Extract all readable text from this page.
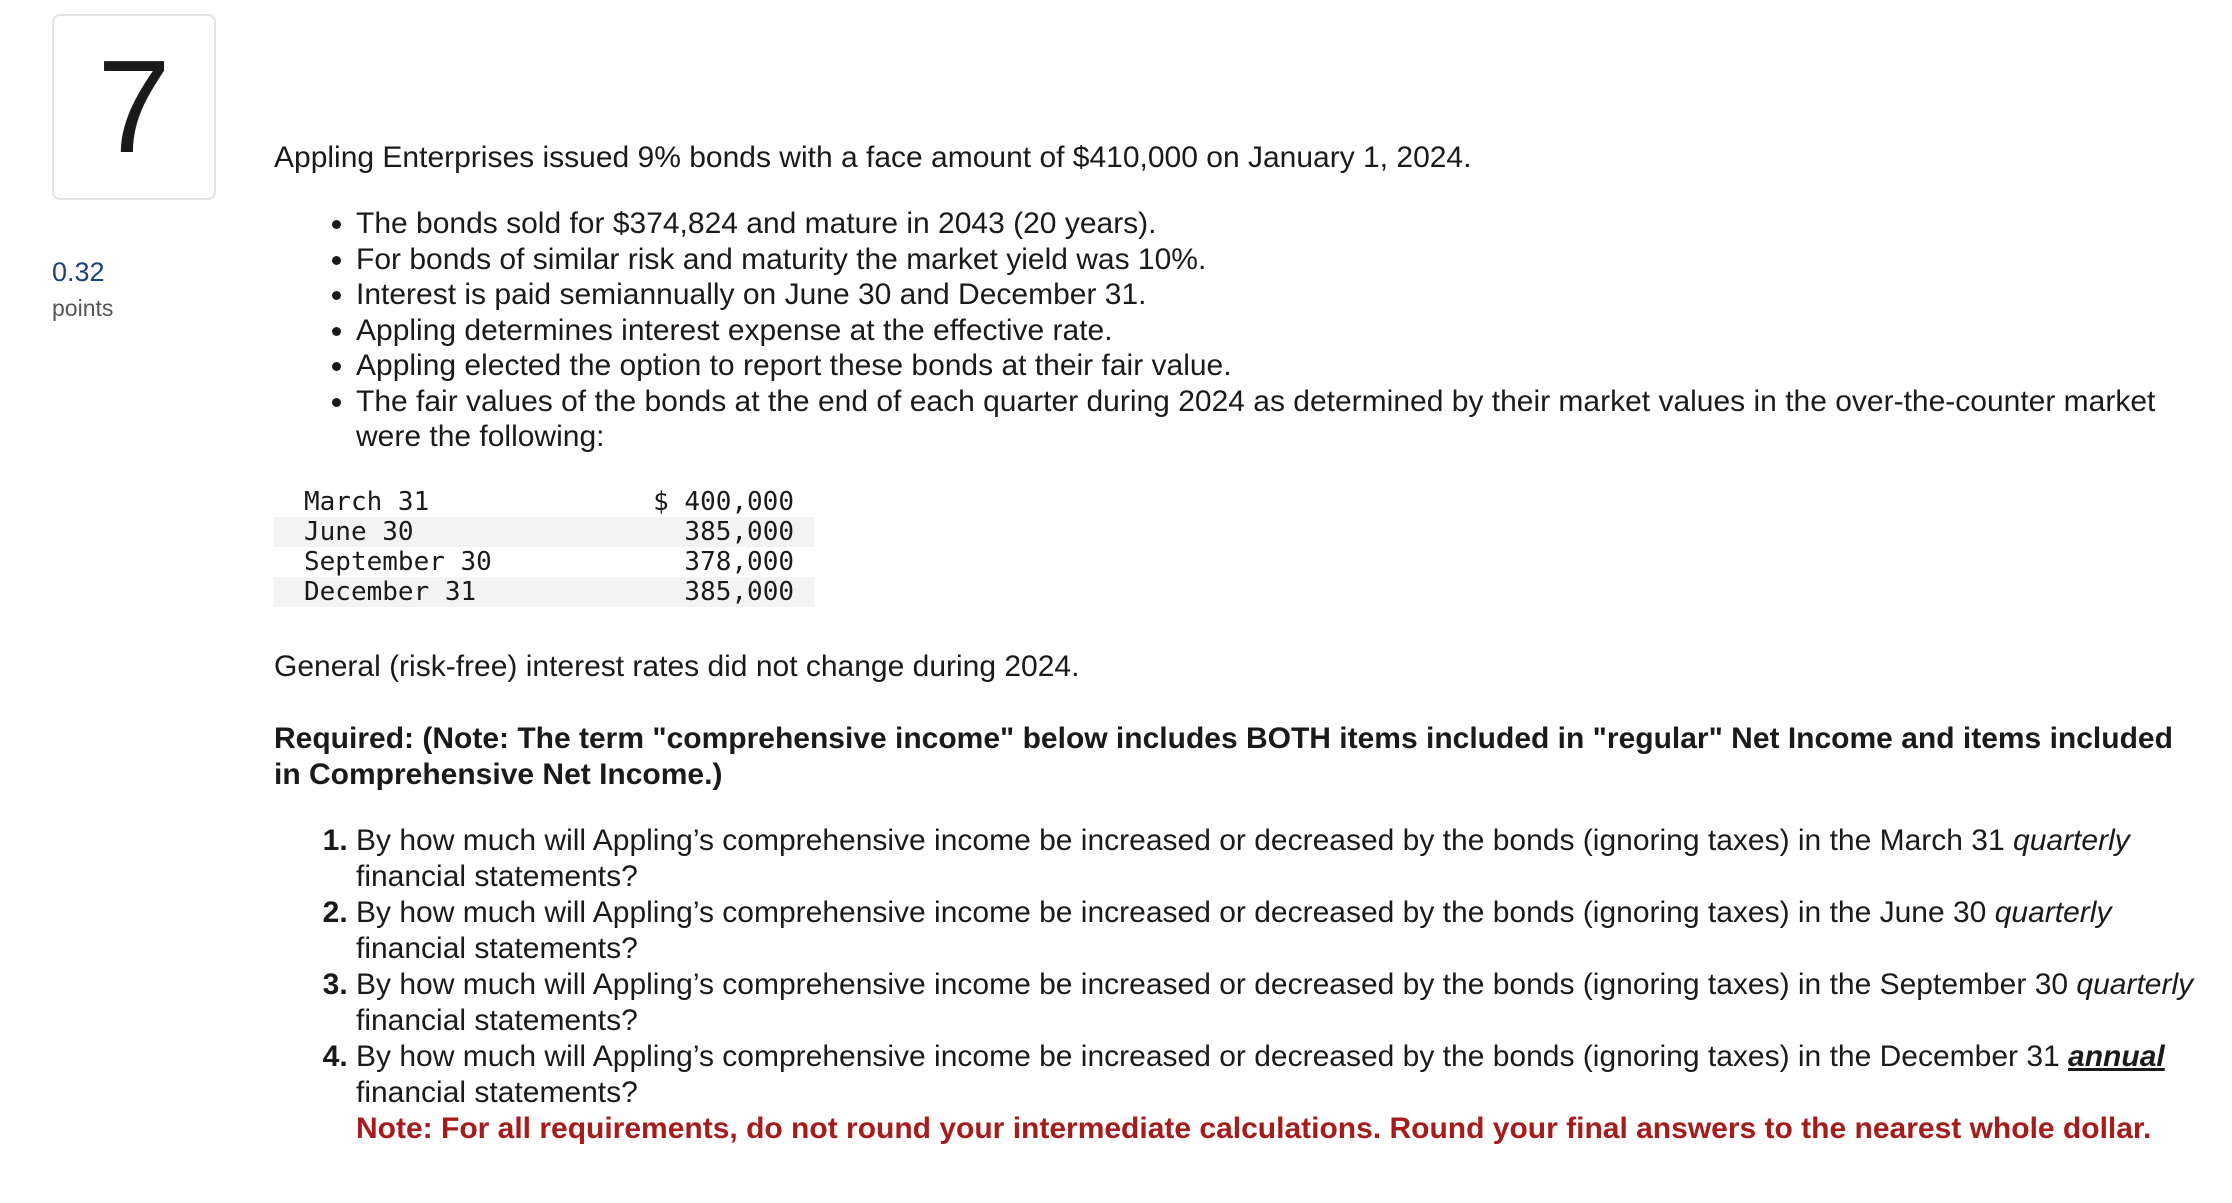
7
0.32
points

Appling Enterprises issued 9% bonds with a face amount of $410,000 on January 1, 2024.

• The bonds sold for $374,824 and mature in 2043 (20 years).
• For bonds of similar risk and maturity the market yield was 10%.
• Interest is paid semiannually on June 30 and December 31.
• Appling determines interest expense at the effective rate.
• Appling elected the option to report these bonds at their fair value.
• The fair values of the bonds at the end of each quarter during 2024 as determined by their market values in the over-the-counter market were the following:
March 31	$ 400,000
June 30	385,000
September 30	378,000
December 31	385,000

General (risk-free) interest rates did not change during 2024.

Required: (Note: The term "comprehensive income" below includes BOTH items included in "regular" Net Income and items included in Comprehensive Net Income.)

1. By how much will Appling’s comprehensive income be increased or decreased by the bonds (ignoring taxes) in the March 31 quarterly financial statements?
2. By how much will Appling’s comprehensive income be increased or decreased by the bonds (ignoring taxes) in the June 30 quarterly financial statements?
3. By how much will Appling’s comprehensive income be increased or decreased by the bonds (ignoring taxes) in the September 30 quarterly financial statements?
4. By how much will Appling’s comprehensive income be increased or decreased by the bonds (ignoring taxes) in the December 31 annual financial statements?
Note: For all requirements, do not round your intermediate calculations. Round your final answers to the nearest whole dollar.
